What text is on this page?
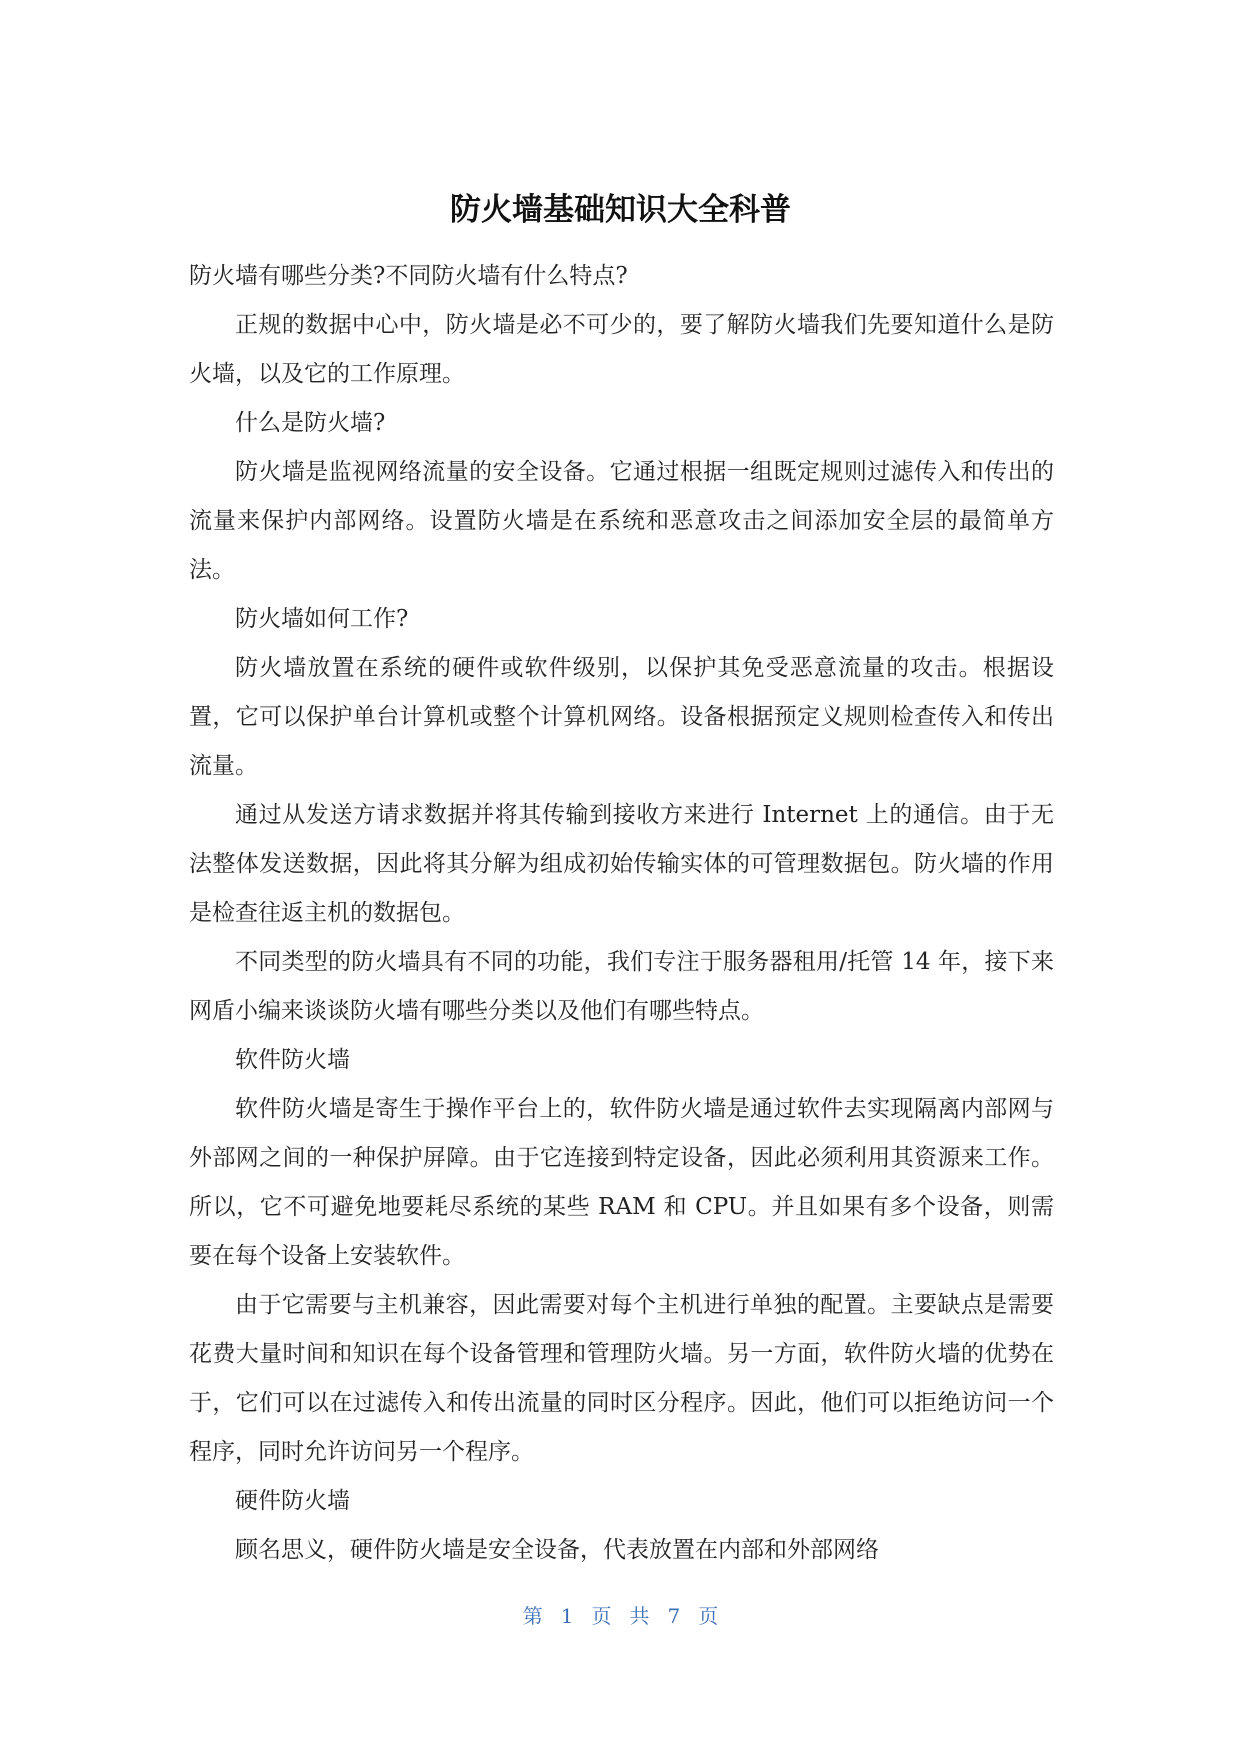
防火墙基础知识大全科普

防火墙有哪些分类?不同防火墙有什么特点?

正规的数据中心中，防火墙是必不可少的，要了解防火墙我们先要知道什么是防火墙，以及它的工作原理。

什么是防火墙?

防火墙是监视网络流量的安全设备。它通过根据一组既定规则过滤传入和传出的流量来保护内部网络。设置防火墙是在系统和恶意攻击之间添加安全层的最简单方法。

防火墙如何工作?

防火墙放置在系统的硬件或软件级别，以保护其免受恶意流量的攻击。根据设置，它可以保护单台计算机或整个计算机网络。设备根据预定义规则检查传入和传出流量。

通过从发送方请求数据并将其传输到接收方来进行 Internet 上的通信。由于无法整体发送数据，因此将其分解为组成初始传输实体的可管理数据包。防火墙的作用是检查往返主机的数据包。

不同类型的防火墙具有不同的功能，我们专注于服务器租用/托管 14 年，接下来网盾小编来谈谈防火墙有哪些分类以及他们有哪些特点。

软件防火墙

软件防火墙是寄生于操作平台上的，软件防火墙是通过软件去实现隔离内部网与外部网之间的一种保护屏障。由于它连接到特定设备，因此必须利用其资源来工作。所以，它不可避免地要耗尽系统的某些 RAM 和 CPU。并且如果有多个设备，则需要在每个设备上安装软件。

由于它需要与主机兼容，因此需要对每个主机进行单独的配置。主要缺点是需要花费大量时间和知识在每个设备管理和管理防火墙。另一方面，软件防火墙的优势在于，它们可以在过滤传入和传出流量的同时区分程序。因此，他们可以拒绝访问一个程序，同时允许访问另一个程序。

硬件防火墙

顾名思义，硬件防火墙是安全设备，代表放置在内部和外部网络

第 1 页 共 7 页
